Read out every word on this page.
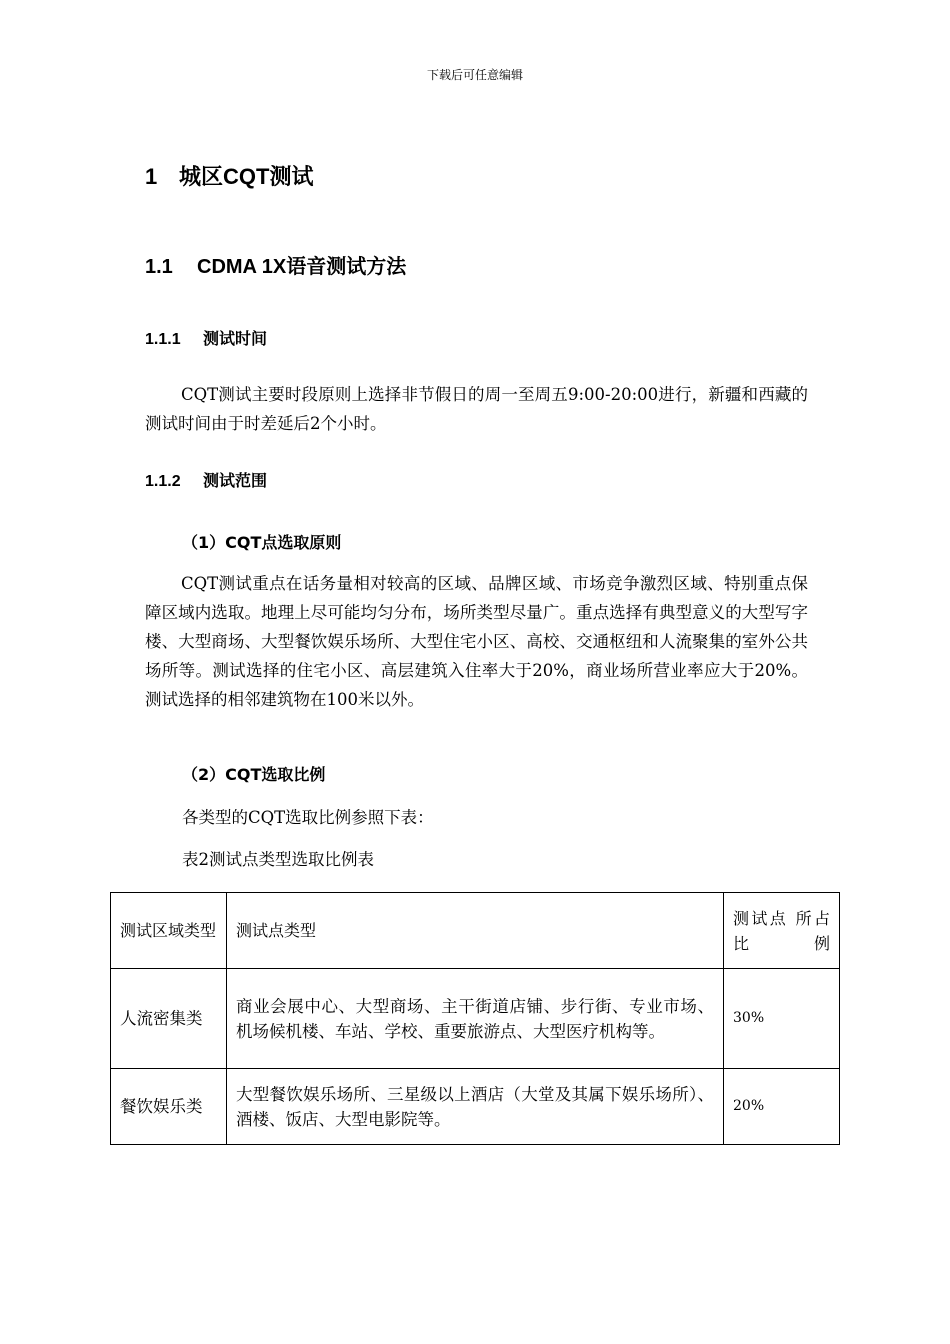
下载后可任意编辑
1 城区CQT测试
1.1 CDMA 1X语音测试方法
1.1.1 测试时间
CQT测试主要时段原则上选择非节假日的周一至周五9:00-20:00进行，新疆和西藏的测试时间由于时差延后2个小时。
1.1.2 测试范围
（1）CQT点选取原则
CQT测试重点在话务量相对较高的区域、品牌区域、市场竞争激烈区域、特别重点保障区域内选取。地理上尽可能均匀分布，场所类型尽量广。重点选择有典型意义的大型写字楼、大型商场、大型餐饮娱乐场所、大型住宅小区、高校、交通枢纽和人流聚集的室外公共场所等。测试选择的住宅小区、高层建筑入住率大于20%，商业场所营业率应大于20%。测试选择的相邻建筑物在100米以外。
（2）CQT选取比例
各类型的CQT选取比例参照下表：
表2测试点类型选取比例表
测试区域类型	测试点类型	测试点 所占比例
人流密集类	商业会展中心、大型商场、主干街道店铺、步行街、专业市场、机场候机楼、车站、学校、重要旅游点、大型医疗机构等。	30%
餐饮娱乐类	大型餐饮娱乐场所、三星级以上酒店（大堂及其属下娱乐场所）、酒楼、饭店、大型电影院等。	20%
